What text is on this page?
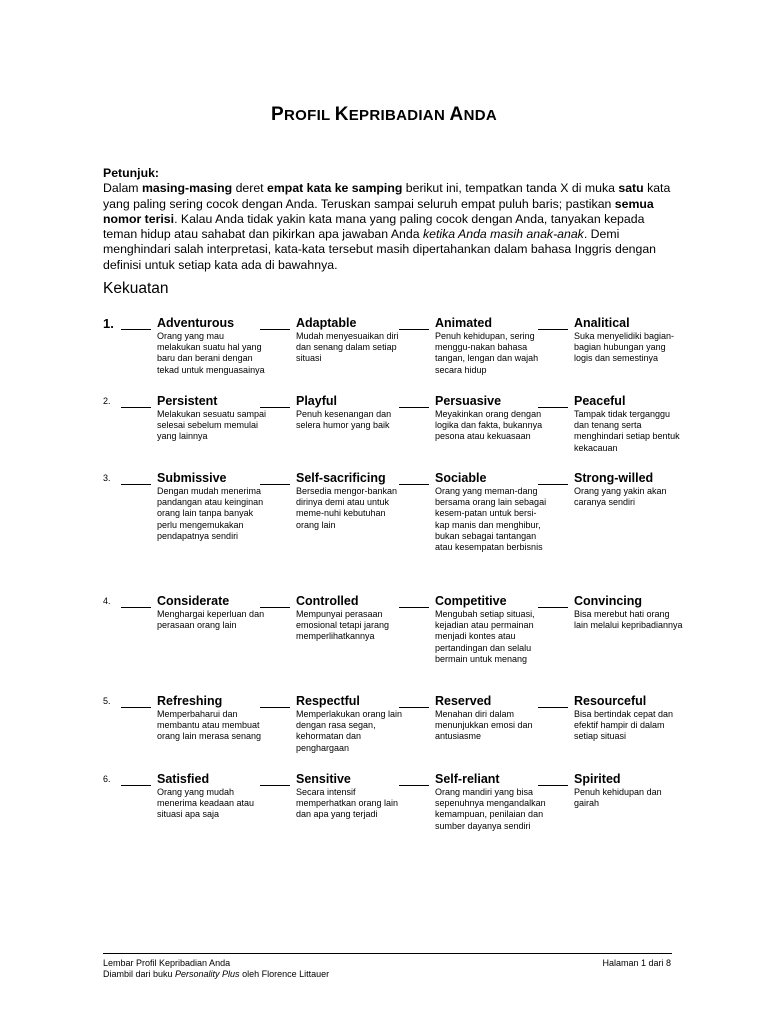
PROFIL KEPRIBADIAN ANDA
Petunjuk:
Dalam masing-masing deret empat kata ke samping berikut ini, tempatkan tanda X di muka satu kata yang paling sering cocok dengan Anda. Teruskan sampai seluruh empat puluh baris; pastikan semua nomor terisi. Kalau Anda tidak yakin kata mana yang paling cocok dengan Anda, tanyakan kepada teman hidup atau sahabat dan pikirkan apa jawaban Anda ketika Anda masih anak-anak. Demi menghindari salah interpretasi, kata-kata tersebut masih dipertahankan dalam bahasa Inggris dengan definisi untuk setiap kata ada di bawahnya.
Kekuatan
1.	Adventurous
Orang yang mau melakukan suatu hal yang baru dan berani dengan tekad untuk menguasainya
Adaptable
Mudah menyesuaikan diri dan senang dalam setiap situasi
Animated
Penuh kehidupan, sering menggu-nakan bahasa tangan, lengan dan wajah secara hidup
Analitical
Suka menyelidiki bagian-bagian hubungan yang logis dan semestinya
2.	Persistent
Melakukan sesuatu sampai selesai sebelum memulai yang lainnya
Playful
Penuh kesenangan dan selera humor yang baik
Persuasive
Meyakinkan orang dengan logika dan fakta, bukannya pesona atau kekuasaan
Peaceful
Tampak tidak terganggu dan tenang serta menghindari setiap bentuk kekacauan
3.	Submissive
Dengan mudah menerima pandangan atau keinginan orang lain tanpa banyak perlu mengemukakan pendapatnya sendiri
Self-sacrificing
Bersedia mengor-bankan dirinya demi atau untuk meme-nuhi kebutuhan orang lain
Sociable
Orang yang meman-dang bersama orang lain sebagai kesem-patan untuk bersi-kap manis dan menghibur, bukan sebagai tantangan atau kesempatan berbisnis
Strong-willed
Orang yang yakin akan caranya sendiri
4.	Considerate
Menghargai keperluan dan perasaan orang lain
Controlled
Mempunyai perasaan emosional tetapi jarang memperlihatkannya
Competitive
Mengubah setiap situasi, kejadian atau permainan menjadi kontes atau pertandingan dan selalu bermain untuk menang
Convincing
Bisa merebut hati orang lain melalui kepribadiannya
5.	Refreshing
Memperbaharui dan membantu atau membuat orang lain merasa senang
Respectful
Memperlakukan orang lain dengan rasa segan, kehormatan dan penghargaan
Reserved
Menahan diri dalam menunjukkan emosi dan antusiasme
Resourceful
Bisa bertindak cepat dan efektif hampir di dalam setiap situasi
6.	Satisfied
Orang yang mudah menerima keadaan atau situasi apa saja
Sensitive
Secara intensif memperhatkan orang lain dan apa yang terjadi
Self-reliant
Orang mandiri yang bisa sepenuhnya mengandalkan kemampuan, penilaian dan sumber dayanya sendiri
Spirited
Penuh kehidupan dan gairah
Lembar Profil Kepribadian Anda
Diambil dari buku Personality Plus oleh Florence Littauer
Halaman 1 dari 8
